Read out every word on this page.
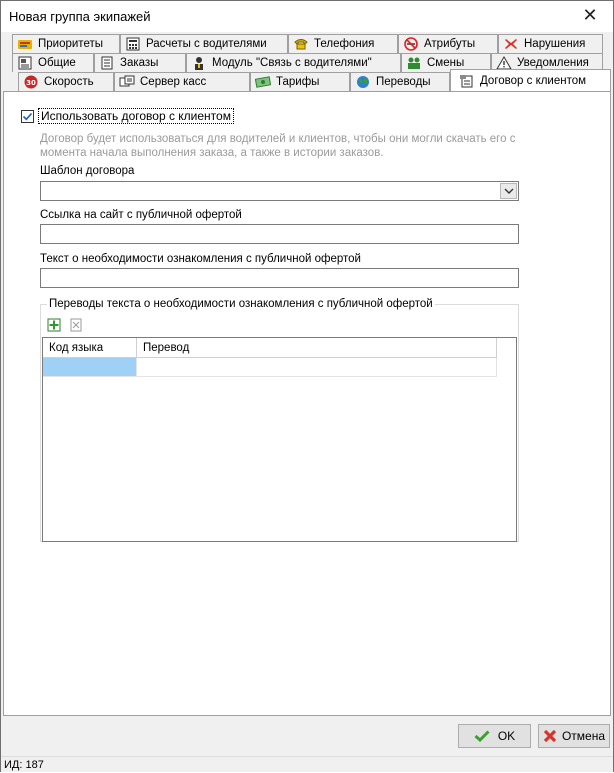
Новая группа экипажей	✕
Приоритеты	Расчеты с водителями	Телефония	Атрибуты	Нарушения
Общие	Заказы	Модуль "Связь с водителями"	Смены	Уведомления
30 Скорость	Сервер касс	Тарифы	Переводы	Договор с клиентом
Использовать договор с клиентом
Договор будет использоваться для водителей и клиентов, чтобы они могли скачать его с момента начала выполнения заказа, а также в истории заказов.
Шаблон договора
Ссылка на сайт с публичной офертой
Текст о необходимости ознакомления с публичной офертой
Переводы текста о необходимости ознакомления с публичной офертой
Код языка	Перевод
OK	Отмена
ИД: 187
